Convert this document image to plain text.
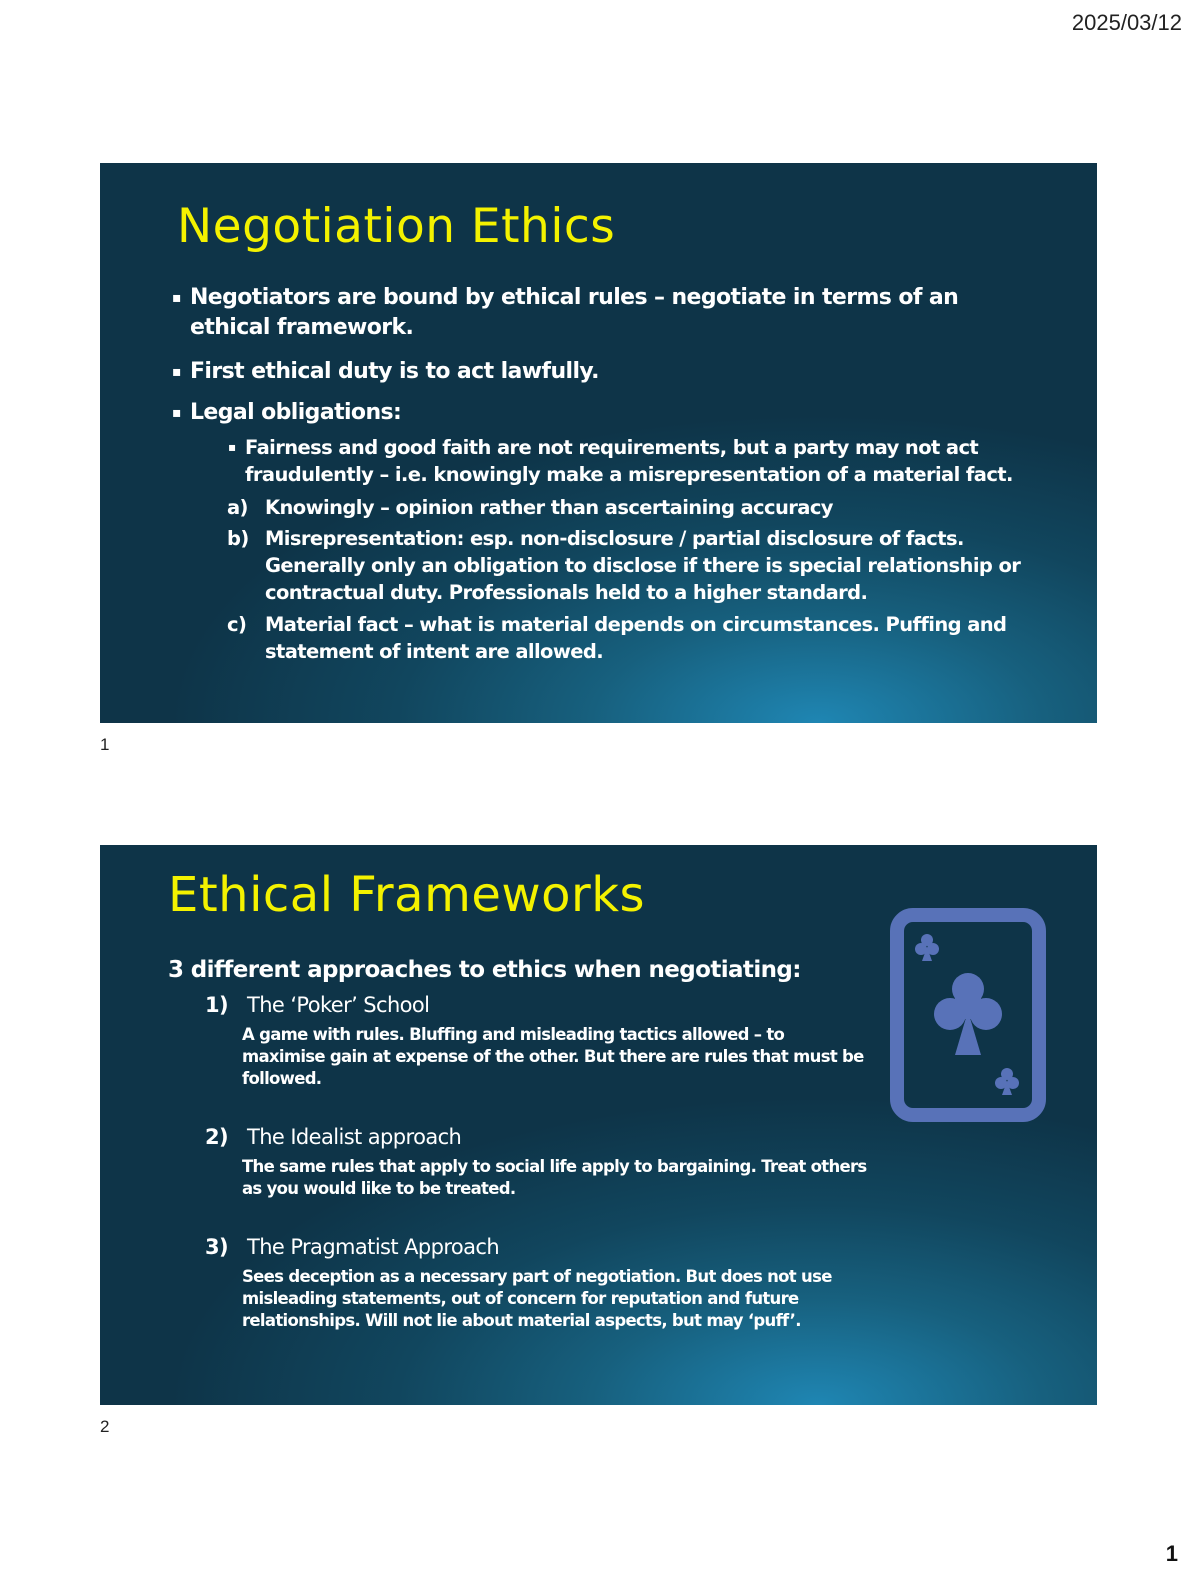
2025/03/12
Negotiation Ethics
▪ Negotiators are bound by ethical rules – negotiate in terms of an ethical framework.
▪ First ethical duty is to act lawfully.
▪ Legal obligations:
▪ Fairness and good faith are not requirements, but a party may not act fraudulently – i.e. knowingly make a misrepresentation of a material fact.
a) Knowingly – opinion rather than ascertaining accuracy
b) Misrepresentation: esp. non-disclosure / partial disclosure of facts. Generally only an obligation to disclose if there is special relationship or contractual duty. Professionals held to a higher standard.
c) Material fact – what is material depends on circumstances. Puffing and statement of intent are allowed.
1
Ethical Frameworks
3 different approaches to ethics when negotiating:
1) The ‘Poker’ School
A game with rules. Bluffing and misleading tactics allowed – to maximise gain at expense of the other. But there are rules that must be followed.
2) The Idealist approach
The same rules that apply to social life apply to bargaining. Treat others as you would like to be treated.
3) The Pragmatist Approach
Sees deception as a necessary part of negotiation. But does not use misleading statements, out of concern for reputation and future relationships. Will not lie about material aspects, but may ‘puff’.
2
1
